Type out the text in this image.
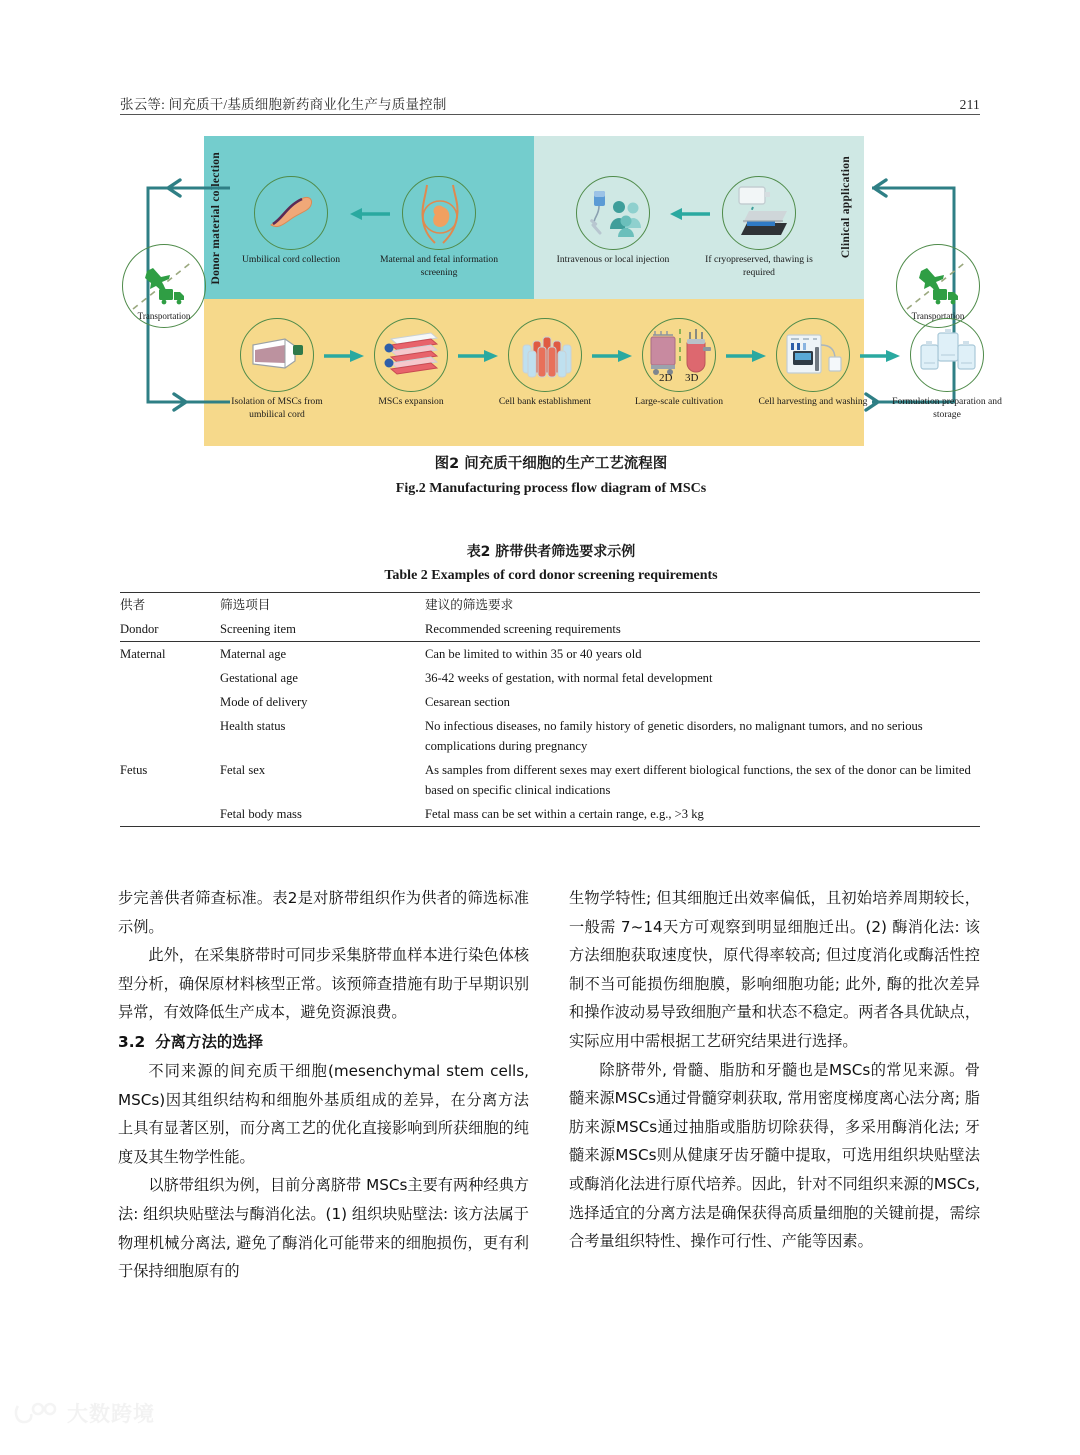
张云等: 间充质干/基质细胞新药商业化生产与质量控制	211
Donor material collection	Clinical application
Transportation	Transportation
Umbilical cord collection	Maternal and fetal information screening
Intravenous or local injection	If cryopreserved, thawing is required
Isolation of MSCs from umbilical cord
MSCs expansion	Cell bank establishment
2D 3D
Large-scale cultivation	Cell harvesting and washing	Formulation preparation and storage
图2 间充质干细胞的生产工艺流程图
Fig.2 Manufacturing process flow diagram of MSCs
表2 脐带供者筛选要求示例
Table 2 Examples of cord donor screening requirements
供者	筛选项目	建议的筛选要求
Dondor	Screening item	Recommended screening requirements
Maternal	Maternal age	Can be limited to within 35 or 40 years old
	Gestational age	36-42 weeks of gestation, with normal fetal development
	Mode of delivery	Cesarean section
	Health status	No infectious diseases, no family history of genetic disorders, no malignant tumors, and no serious complications during pregnancy
Fetus	Fetal sex	As samples from different sexes may exert different biological functions, the sex of the donor can be limited based on specific clinical indications
	Fetal body mass	Fetal mass can be set within a certain range, e.g., >3 kg

步完善供者筛查标准。表2是对脐带组织作为供者的筛选标准示例。

此外，在采集脐带时可同步采集脐带血样本进行染色体核型分析，确保原材料核型正常。该预筛查措施有助于早期识别异常，有效降低生产成本，避免资源浪费。

3.2 分离方法的选择

不同来源的间充质干细胞(mesenchymal stem cells, MSCs)因其组织结构和细胞外基质组成的差异，在分离方法上具有显著区别，而分离工艺的优化直接影响到所获细胞的纯度及其生物学性能。

以脐带组织为例，目前分离脐带 MSCs主要有两种经典方法: 组织块贴壁法与酶消化法。(1) 组织块贴壁法: 该方法属于物理机械分离法, 避免了酶消化可能带来的细胞损伤，更有利于保持细胞原有的

生物学特性; 但其细胞迁出效率偏低，且初始培养周期较长，一般需 7~14天方可观察到明显细胞迁出。(2) 酶消化法: 该方法细胞获取速度快，原代得率较高; 但过度消化或酶活性控制不当可能损伤细胞膜，影响细胞功能; 此外, 酶的批次差异和操作波动易导致细胞产量和状态不稳定。两者各具优缺点，实际应用中需根据工艺研究结果进行选择。

除脐带外, 骨髓、脂肪和牙髓也是MSCs的常见来源。骨髓来源MSCs通过骨髓穿刺获取, 常用密度梯度离心法分离; 脂肪来源MSCs通过抽脂或脂肪切除获得，多采用酶消化法; 牙髓来源MSCs则从健康牙齿牙髓中提取，可选用组织块贴壁法或酶消化法进行原代培养。因此，针对不同组织来源的MSCs, 选择适宜的分离方法是确保获得高质量细胞的关键前提，需综合考量组织特性、操作可行性、产能等因素。

大数跨境
